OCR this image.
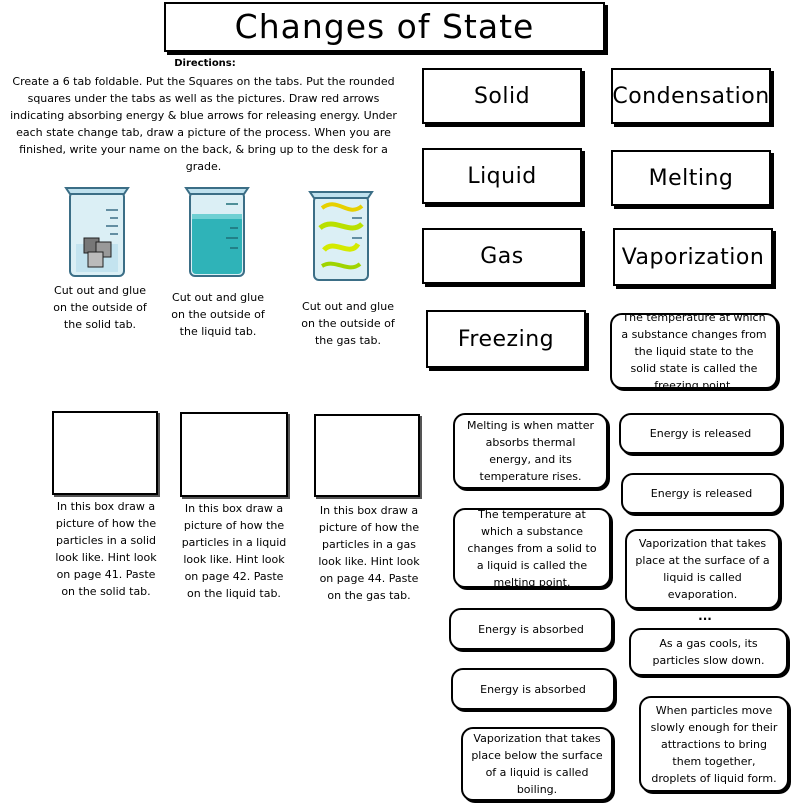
Changes of State
Directions:
Create a 6 tab foldable. Put the Squares on the tabs. Put the rounded squares under the tabs as well as the pictures. Draw red arrows indicating absorbing energy & blue arrows for releasing energy. Under each state change tab, draw a picture of the process. When you are finished, write your name on the back, & bring up to the desk for a grade.
Cut out and glue on the outside of the solid tab.
Cut out and glue on the outside of the liquid tab.
Cut out and glue on the outside of the gas tab.
In this box draw a picture of how the particles in a solid look like. Hint look on page 41. Paste on the solid tab.
In this box draw a picture of how the particles in a liquid look like. Hint look on page 42. Paste on the liquid tab.
In this box draw a picture of how the particles in a gas look like. Hint look on page 44. Paste on the gas tab.
Solid
Liquid
Gas
Freezing
Condensation
Melting
Vaporization
The temperature at which a substance changes from the liquid state to the solid state is called the freezing point.
Melting is when matter absorbs thermal energy, and its temperature rises.
Energy is released
Energy is released
The temperature at which a substance changes from a solid to a liquid is called the melting point.
Vaporization that takes place at the surface of a liquid is called evaporation.
...
Energy is absorbed
As a gas cools, its particles slow down.
Energy is absorbed
When particles move slowly enough for their attractions to bring them together, droplets of liquid form.
Vaporization that takes place below the surface of a liquid is called boiling.
